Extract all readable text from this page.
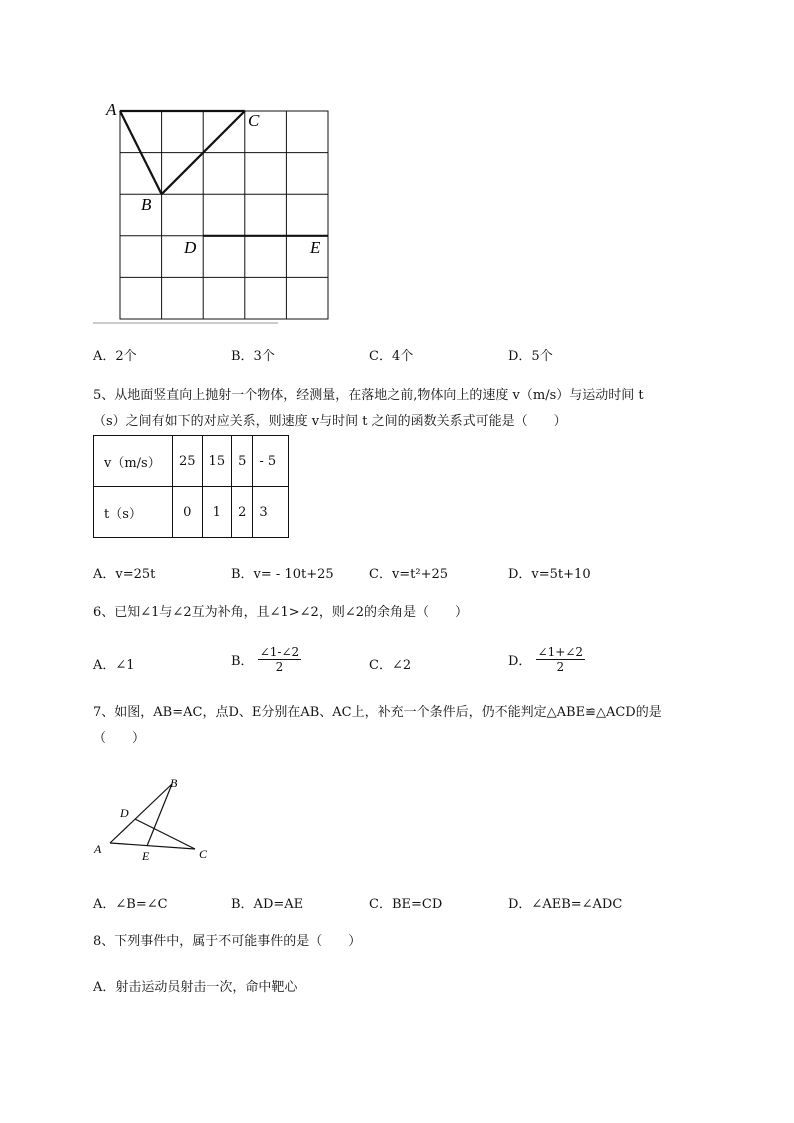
A
C
B
D	E
A．2个	B．3个	C．4个	D．5个
5、从地面竖直向上抛射一个物体，经测量，在落地之前,物体向上的速度 v（m/s）与运动时间 t
（s）之间有如下的对应关系，则速度 v与时间 t 之间的函数关系式可能是（　　）
v（m/s）	25	15	5	- 5
t（s）	0	1	2	3
A．v=25t	B．v= - 10t+25	C．v=t²+25	D．v=5t+10
6、已知∠1与∠2互为补角，且∠1>∠2，则∠2的余角是（　　）
A．∠1	B． $\frac{\angle 1-\angle 2}{2}$	C．∠2	D． $\frac{\angle 1+\angle 2}{2}$
7、如图，AB=AC，点D、E分别在AB、AC上，补充一个条件后，仍不能判定△ABE≌△ACD的是
（　　）
B
D
A	E	C
A．∠B=∠C	B．AD=AE	C．BE=CD	D．∠AEB=∠ADC
8、下列事件中，属于不可能事件的是（　　）
A．射击运动员射击一次，命中靶心
